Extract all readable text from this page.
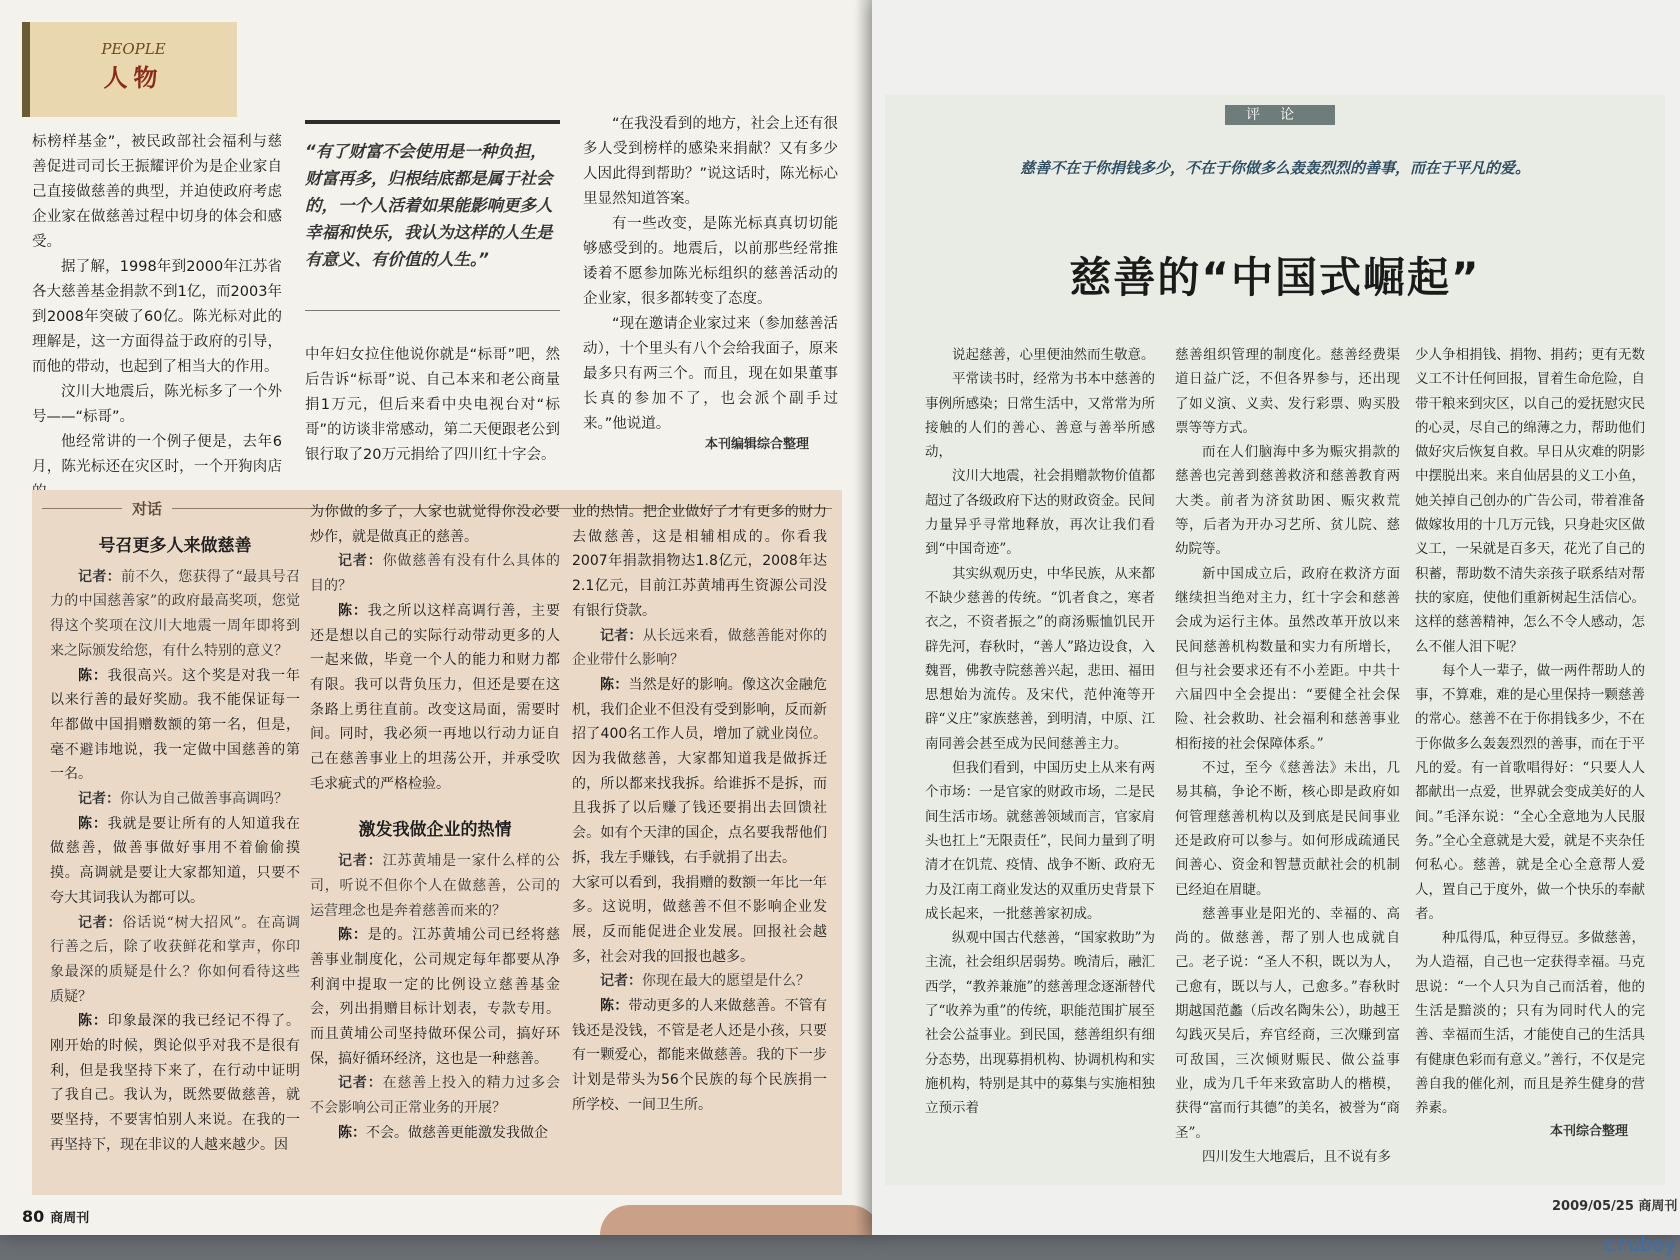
PEOPLE
人物

标榜样基金”，被民政部社会福利与慈善促进司司长王振耀评价为是企业家自己直接做慈善的典型，并迫使政府考虑企业家在做慈善过程中切身的体会和感受。

据了解，1998年到2000年江苏省各大慈善基金捐款不到1亿，而2003年到2008年突破了60亿。陈光标对此的理解是，这一方面得益于政府的引导，而他的带动，也起到了相当大的作用。

汶川大地震后，陈光标多了一个外号——“标哥”。

他经常讲的一个例子便是，去年6月，陈光标还在灾区时，一个开狗肉店

“有了财富不会使用是一种负担，财富再多，归根结底都是属于社会的，一个人活着如果能影响更多人幸福和快乐，我认为这样的人生是有意义、有价值的人生。”

中年妇女拉住他说你就是“标哥”吧，然后告诉“标哥”说、自己本来和老公商量捐1万元，但后来看中央电视台对“标哥”的访谈非常感动，第二天便跟老公到银行取了20万元捐给了四川红十字会。

“在我没看到的地方，社会上还有很多人受到榜样的感染来捐献？又有多少人因此得到帮助？”说这话时，陈光标心里显然知道答案。

有一些改变，是陈光标真真切切能够感受到的。地震后，以前那些经常推诿着不愿参加陈光标组织的慈善活动的企业家，很多都转变了态度。

“现在邀请企业家过来（参加慈善活动），十个里头有八个会给我面子，原来最多只有两三个。而且，现在如果董事长真的参加不了，也会派个副手过来。”他说道。

本刊编辑综合整理
对话
号召更多人来做慈善

记者：前不久，您获得了“最具号召力的中国慈善家”的政府最高奖项，您觉得这个奖项在汶川大地震一周年即将到来之际颁发给您，有什么特别的意义？

陈：我很高兴。这个奖是对我一年以来行善的最好奖励。我不能保证每一年都做中国捐赠数额的第一名，但是，毫不避讳地说，我一定做中国慈善的第一名。

记者：你认为自己做善事高调吗？

陈：我就是要让所有的人知道我在做慈善，做善事做好事用不着偷偷摸摸。高调就是要让大家都知道，只要不夸大其词我认为都可以。

记者：俗话说“树大招风”。在高调行善之后，除了收获鲜花和掌声，你印象最深的质疑是什么？你如何看待这些质疑？

陈：印象最深的我已经记不得了。刚开始的时候，舆论似乎对我不是很有利，但是我坚持下来了，在行动中证明了我自己。我认为，既然要做慈善，就要坚持，不要害怕别人来说。在我的一再坚持下，现在非议的人越来越少。因

为你做的多了，人家也就觉得你没必要炒作，就是做真正的慈善。

记者：你做慈善有没有什么具体的目的？

陈：我之所以这样高调行善，主要还是想以自己的实际行动带动更多的人一起来做，毕竟一个人的能力和财力都有限。我可以背负压力，但还是要在这条路上勇往直前。改变这局面，需要时间。同时，我必须一再地以行动力证自己在慈善事业上的坦荡公开，并承受吹毛求疵式的严格检验。

激发我做企业的热情

记者：江苏黄埔是一家什么样的公司，听说不但你个人在做慈善，公司的运营理念也是奔着慈善而来的？

陈：是的。江苏黄埔公司已经将慈善事业制度化，公司规定每年都要从净利润中提取一定的比例设立慈善基金会，列出捐赠目标计划表，专款专用。而且黄埔公司坚持做环保公司，搞好环保，搞好循环经济，这也是一种慈善。

记者：在慈善上投入的精力过多会不会影响公司正常业务的开展？

陈：不会。做慈善更能激发我做企

业的热情。把企业做好了才有更多的财力去做慈善，这是相辅相成的。你看我2007年捐款捐物达1.8亿元，2008年达2.1亿元，目前江苏黄埔再生资源公司没有银行贷款。

记者：从长远来看，做慈善能对你的企业带什么影响？

陈：当然是好的影响。像这次金融危机，我们企业不但没有受到影响，反而新招了400名工作人员，增加了就业岗位。因为我做慈善，大家都知道我是做拆迁的，所以都来找我拆。给谁拆不是拆，而且我拆了以后赚了钱还要捐出去回馈社会。如有个天津的国企，点名要我帮他们拆，我左手赚钱，右手就捐了出去。

大家可以看到，我捐赠的数额一年比一年多。这说明，做慈善不但不影响企业发展，反而能促进企业发展。回报社会越多，社会对我的回报也越多。

记者：你现在最大的愿望是什么？

陈：带动更多的人来做慈善。不管有钱还是没钱，不管是老人还是小孩，只要有一颗爱心，都能来做慈善。我的下一步计划是带头为56个民族的每个民族捐一所学校、一间卫生所。

80 商周刊
评论
慈善不在于你捐钱多少，不在于你做多么轰轰烈烈的善事，而在于平凡的爱。
慈善的“中国式崛起”

说起慈善，心里便油然而生敬意。

平常读书时，经常为书本中慈善的事例所感染；日常生活中，又常常为所接触的人们的善心、善意与善举所感动，

汶川大地震，社会捐赠款物价值都超过了各级政府下达的财政资金。民间力量异乎寻常地释放，再次让我们看到“中国奇迹”。

其实纵观历史，中华民族，从来都不缺少慈善的传统。“饥者食之，寒者衣之，不资者振之”的商汤赈恤饥民开辟先河，春秋时，“善人”路边设食，入魏晋，佛教寺院慈善兴起，悲田、福田思想始为流传。及宋代，范仲淹等开辟“义庄”家族慈善，到明清，中原、江南同善会甚至成为民间慈善主力。

但我们看到，中国历史上从来有两个市场：一是官家的财政市场，二是民间生活市场。就慈善领域而言，官家肩头也扛上“无限责任”，民间力量到了明清才在饥荒、疫情、战争不断、政府无力及江南工商业发达的双重历史背景下成长起来，一批慈善家初成。

纵观中国古代慈善，“国家救助”为主流，社会组织居弱势。晚清后，融汇西学，“教养兼施”的慈善理念逐渐替代了“收养为重”的传统，职能范围扩展至社会公益事业。到民国，慈善组织有细分态势，出现募捐机构、协调机构和实施机构，特别是其中的募集与实施相独立预示着

慈善组织管理的制度化。慈善经费渠道日益广泛，不但各界参与，还出现了如义演、义卖、发行彩票、购买股票等等方式。

而在人们脑海中多为赈灾捐款的慈善也完善到慈善救济和慈善教育两大类。前者为济贫助困、赈灾救荒等，后者为开办习艺所、贫儿院、慈幼院等。

新中国成立后，政府在救济方面继续担当绝对主力，红十字会和慈善会成为运行主体。虽然改革开放以来民间慈善机构数量和实力有所增长，但与社会要求还有不小差距。中共十六届四中全会提出：“要健全社会保险、社会救助、社会福利和慈善事业相衔接的社会保障体系。”

不过，至今《慈善法》未出，几易其稿，争论不断，核心即是政府如何管理慈善机构以及到底是民间事业还是政府可以参与。如何形成疏通民间善心、资金和智慧贡献社会的机制已经迫在眉睫。

慈善事业是阳光的、幸福的、高尚的。做慈善，帮了别人也成就自己。老子说：“圣人不积，既以为人，己愈有，既以与人，己愈多。”春秋时期越国范蠡（后改名陶朱公），助越王勾践灭吴后，弃官经商，三次赚到富可敌国，三次倾财赈民、做公益事业，成为几千年来致富助人的楷模，获得“富而行其德”的美名，被誉为“商圣”。

四川发生大地震后，且不说有多

少人争相捐钱、捐物、捐药；更有无数义工不计任何回报，冒着生命危险，自带干粮来到灾区，以自己的爱抚慰灾民的心灵，尽自己的绵薄之力，帮助他们做好灾后恢复自救。早日从灾难的阴影中摆脱出来。来自仙居县的义工小鱼，她关掉自己创办的广告公司，带着准备做嫁妆用的十几万元钱，只身赴灾区做义工，一呆就是百多天，花光了自己的积蓄，帮助数不清失亲孩子联系结对帮扶的家庭，使他们重新树起生活信心。这样的慈善精神，怎么不令人感动，怎么不催人泪下呢？

每个人一辈子，做一两件帮助人的事，不算难，难的是心里保持一颗慈善的常心。慈善不在于你捐钱多少，不在于你做多么轰轰烈烈的善事，而在于平凡的爱。有一首歌唱得好：“只要人人都献出一点爱，世界就会变成美好的人间。”毛泽东说：“全心全意地为人民服务。”全心全意就是大爱，就是不夹杂任何私心。慈善，就是全心全意帮人爱人，置自己于度外，做一个快乐的奉献者。

种瓜得瓜，种豆得豆。多做慈善，为人造福，自己也一定获得幸福。马克思说：“一个人只为自己而活着，他的生活是黯淡的；只有为同时代人的完善、幸福而生活，才能使自己的生活具有健康色彩而有意义。”善行，不仅是完善自我的催化剂，而且是养生健身的营养素。

本刊综合整理
2009/05/25 商周刊
cruboy
